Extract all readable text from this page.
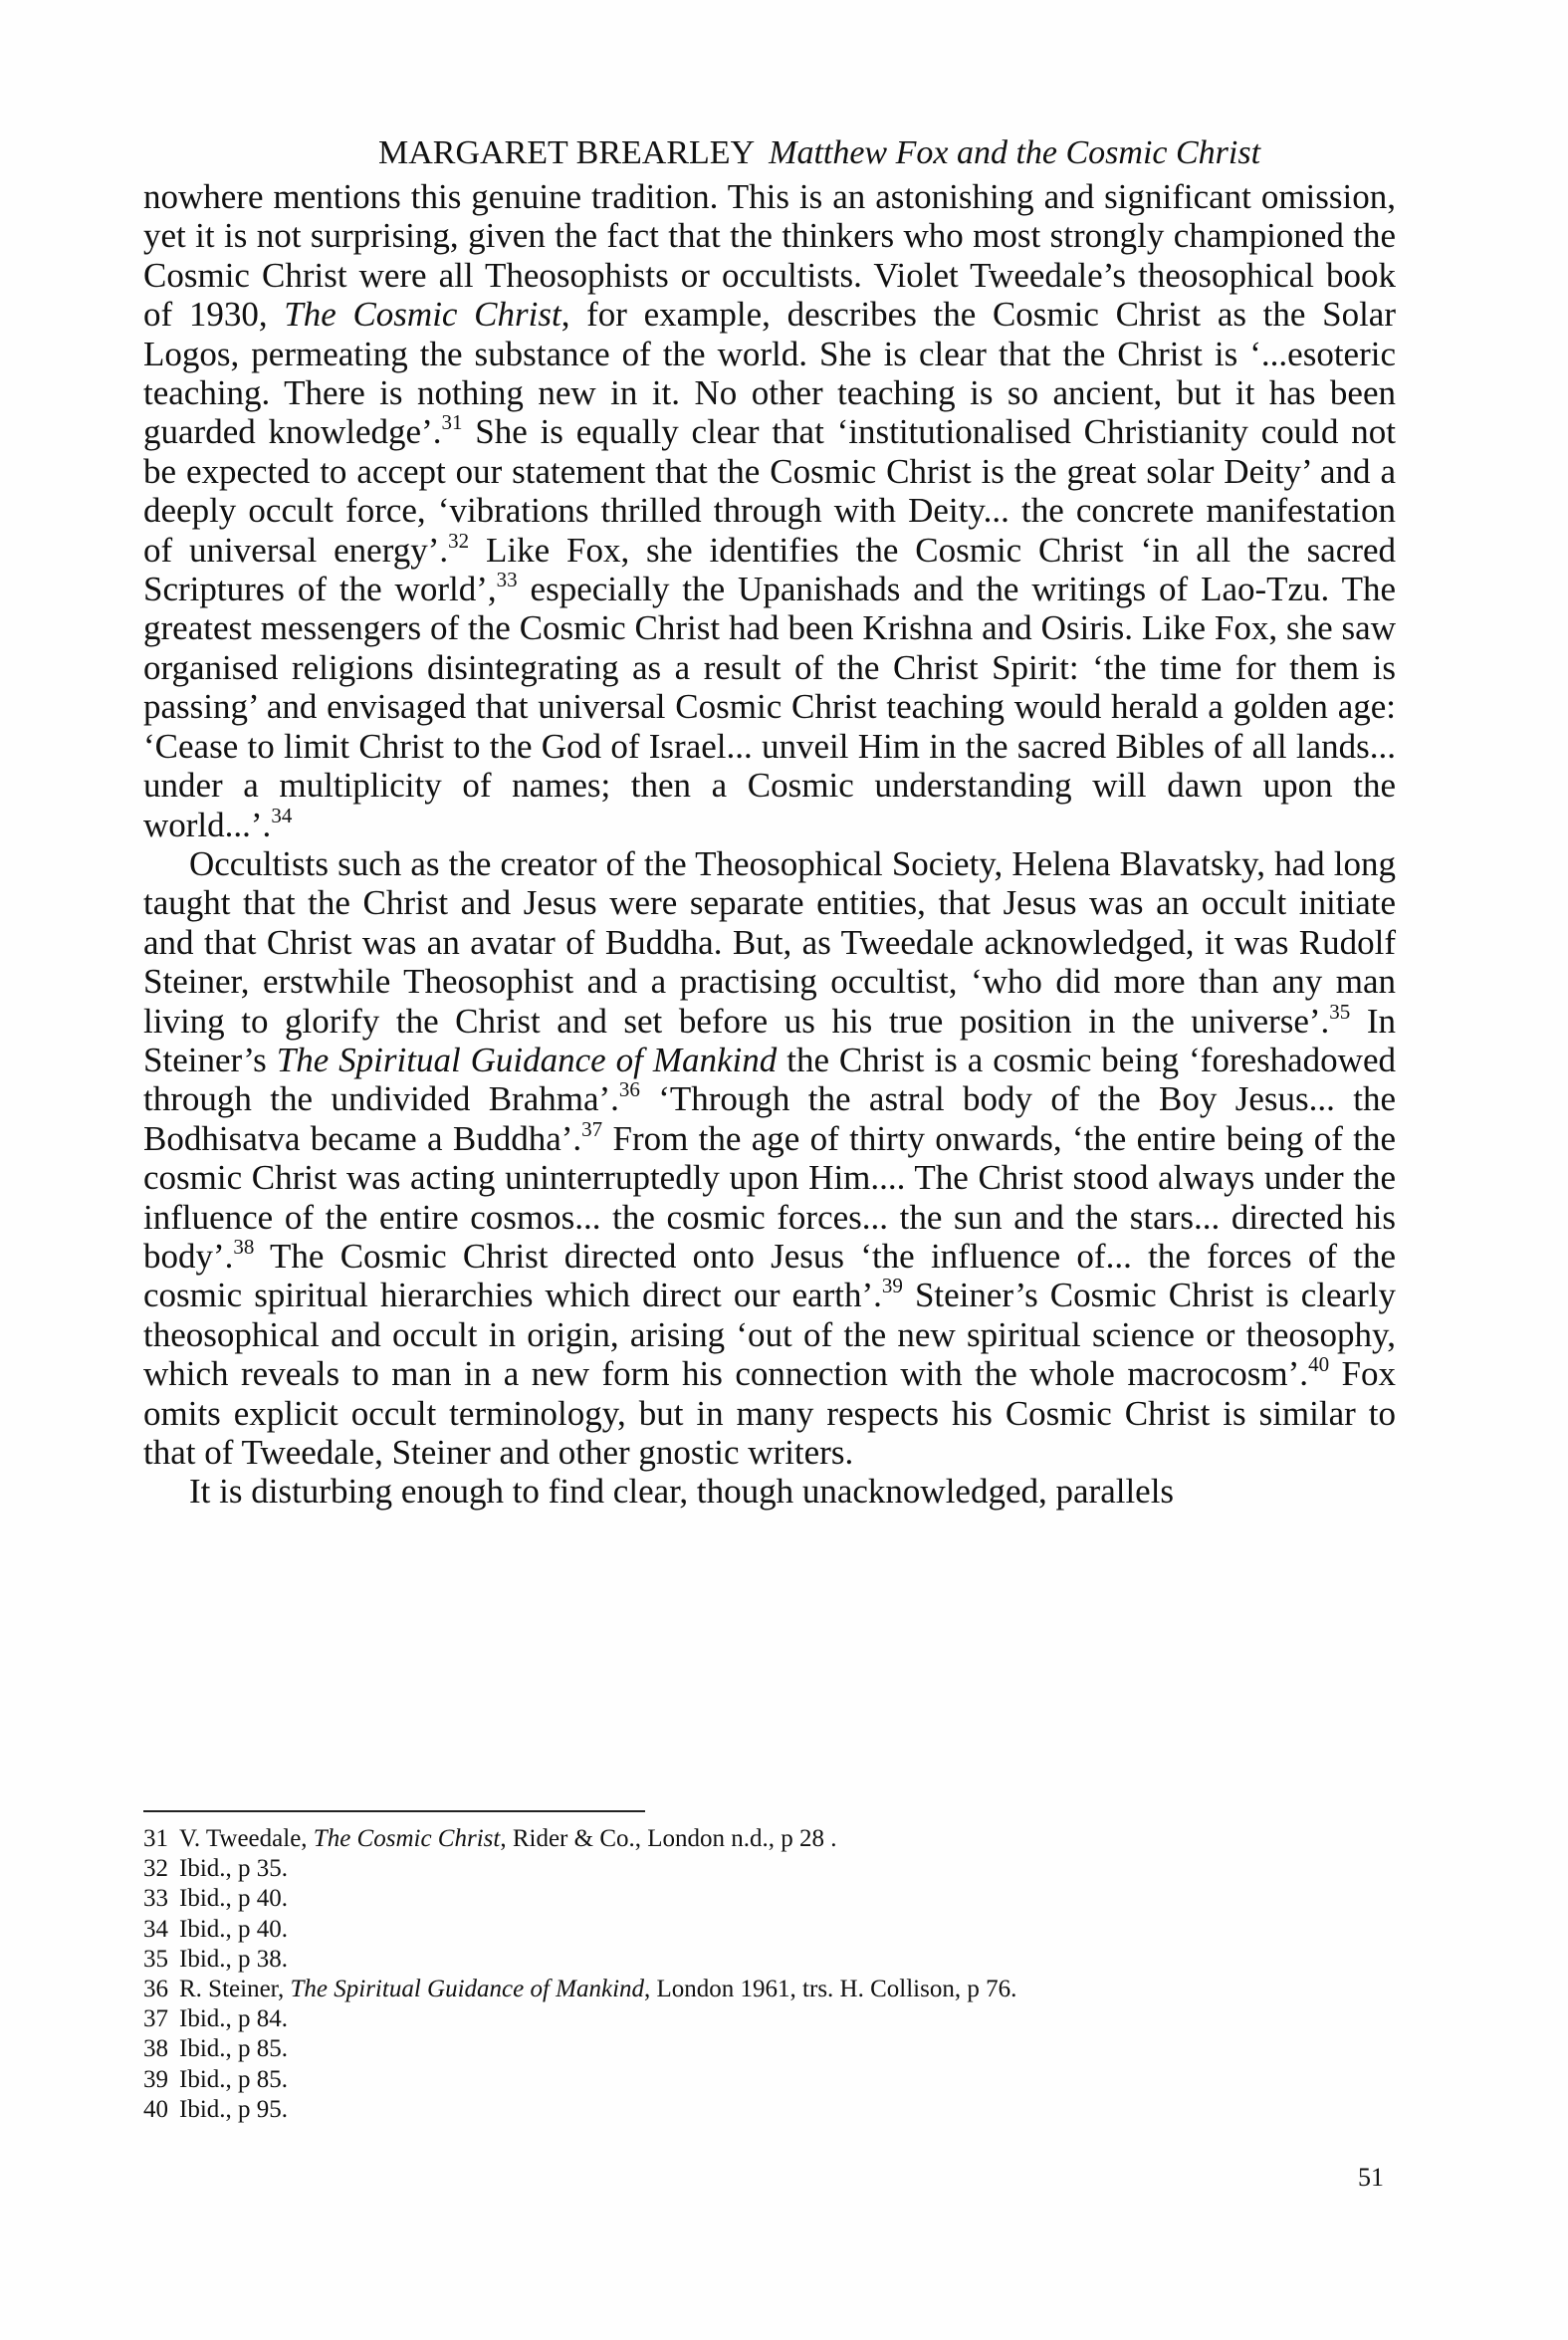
MARGARET BREARLEY Matthew Fox and the Cosmic Christ

nowhere mentions this genuine tradition. This is an astonishing and significant omission, yet it is not surprising, given the fact that the thinkers who most strongly championed the Cosmic Christ were all Theosophists or occultists. Violet Tweedale’s theosophical book of 1930, The Cosmic Christ, for example, describes the Cosmic Christ as the Solar Logos, permeating the substance of the world. She is clear that the Christ is ‘...esoteric teaching. There is nothing new in it. No other teaching is so ancient, but it has been guarded knowledge’.$^{31}$ She is equally clear that ‘institutionalised Christianity could not be expected to accept our statement that the Cosmic Christ is the great solar Deity’ and a deeply occult force, ‘vibrations thrilled through with Deity... the concrete manifestation of universal energy’.$^{32}$ Like Fox, she identifies the Cosmic Christ ‘in all the sacred Scriptures of the world’,$^{33}$ especially the Upanishads and the writings of Lao-Tzu. The greatest messengers of the Cosmic Christ had been Krishna and Osiris. Like Fox, she saw organised religions disintegrating as a result of the Christ Spirit: ‘the time for them is passing’ and envisaged that universal Cosmic Christ teaching would herald a golden age: ‘Cease to limit Christ to the God of Israel... unveil Him in the sacred Bibles of all lands... under a multiplicity of names; then a Cosmic understanding will dawn upon the world...’.$^{34}$

Occultists such as the creator of the Theosophical Society, Helena Blavatsky, had long taught that the Christ and Jesus were separate entities, that Jesus was an occult initiate and that Christ was an avatar of Buddha. But, as Tweedale acknowledged, it was Rudolf Steiner, erstwhile Theosophist and a practising occultist, ‘who did more than any man living to glorify the Christ and set before us his true position in the universe’.$^{35}$ In Steiner’s The Spiritual Guidance of Mankind the Christ is a cosmic being ‘foreshadowed through the undivided Brahma’.$^{36}$ ‘Through the astral body of the Boy Jesus... the Bodhisatva became a Buddha’.$^{37}$ From the age of thirty onwards, ‘the entire being of the cosmic Christ was acting uninterruptedly upon Him.... The Christ stood always under the influence of the entire cosmos... the cosmic forces... the sun and the stars... directed his body’.$^{38}$ The Cosmic Christ directed onto Jesus ‘the influence of... the forces of the cosmic spiritual hierarchies which direct our earth’.$^{39}$ Steiner’s Cosmic Christ is clearly theosophical and occult in origin, arising ‘out of the new spiritual science or theosophy, which reveals to man in a new form his connection with the whole macrocosm’.$^{40}$ Fox omits explicit occult terminology, but in many respects his Cosmic Christ is similar to that of Tweedale, Steiner and other gnostic writers.

It is disturbing enough to find clear, though unacknowledged, parallels

31 V. Tweedale, The Cosmic Christ, Rider & Co., London n.d., p 28 .
32 Ibid., p 35.
33 Ibid., p 40.
34 Ibid., p 40.
35 Ibid., p 38.
36 R. Steiner, The Spiritual Guidance of Mankind, London 1961, trs. H. Collison, p 76.
37 Ibid., p 84.
38 Ibid., p 85.
39 Ibid., p 85.
40 Ibid., p 95.
51
